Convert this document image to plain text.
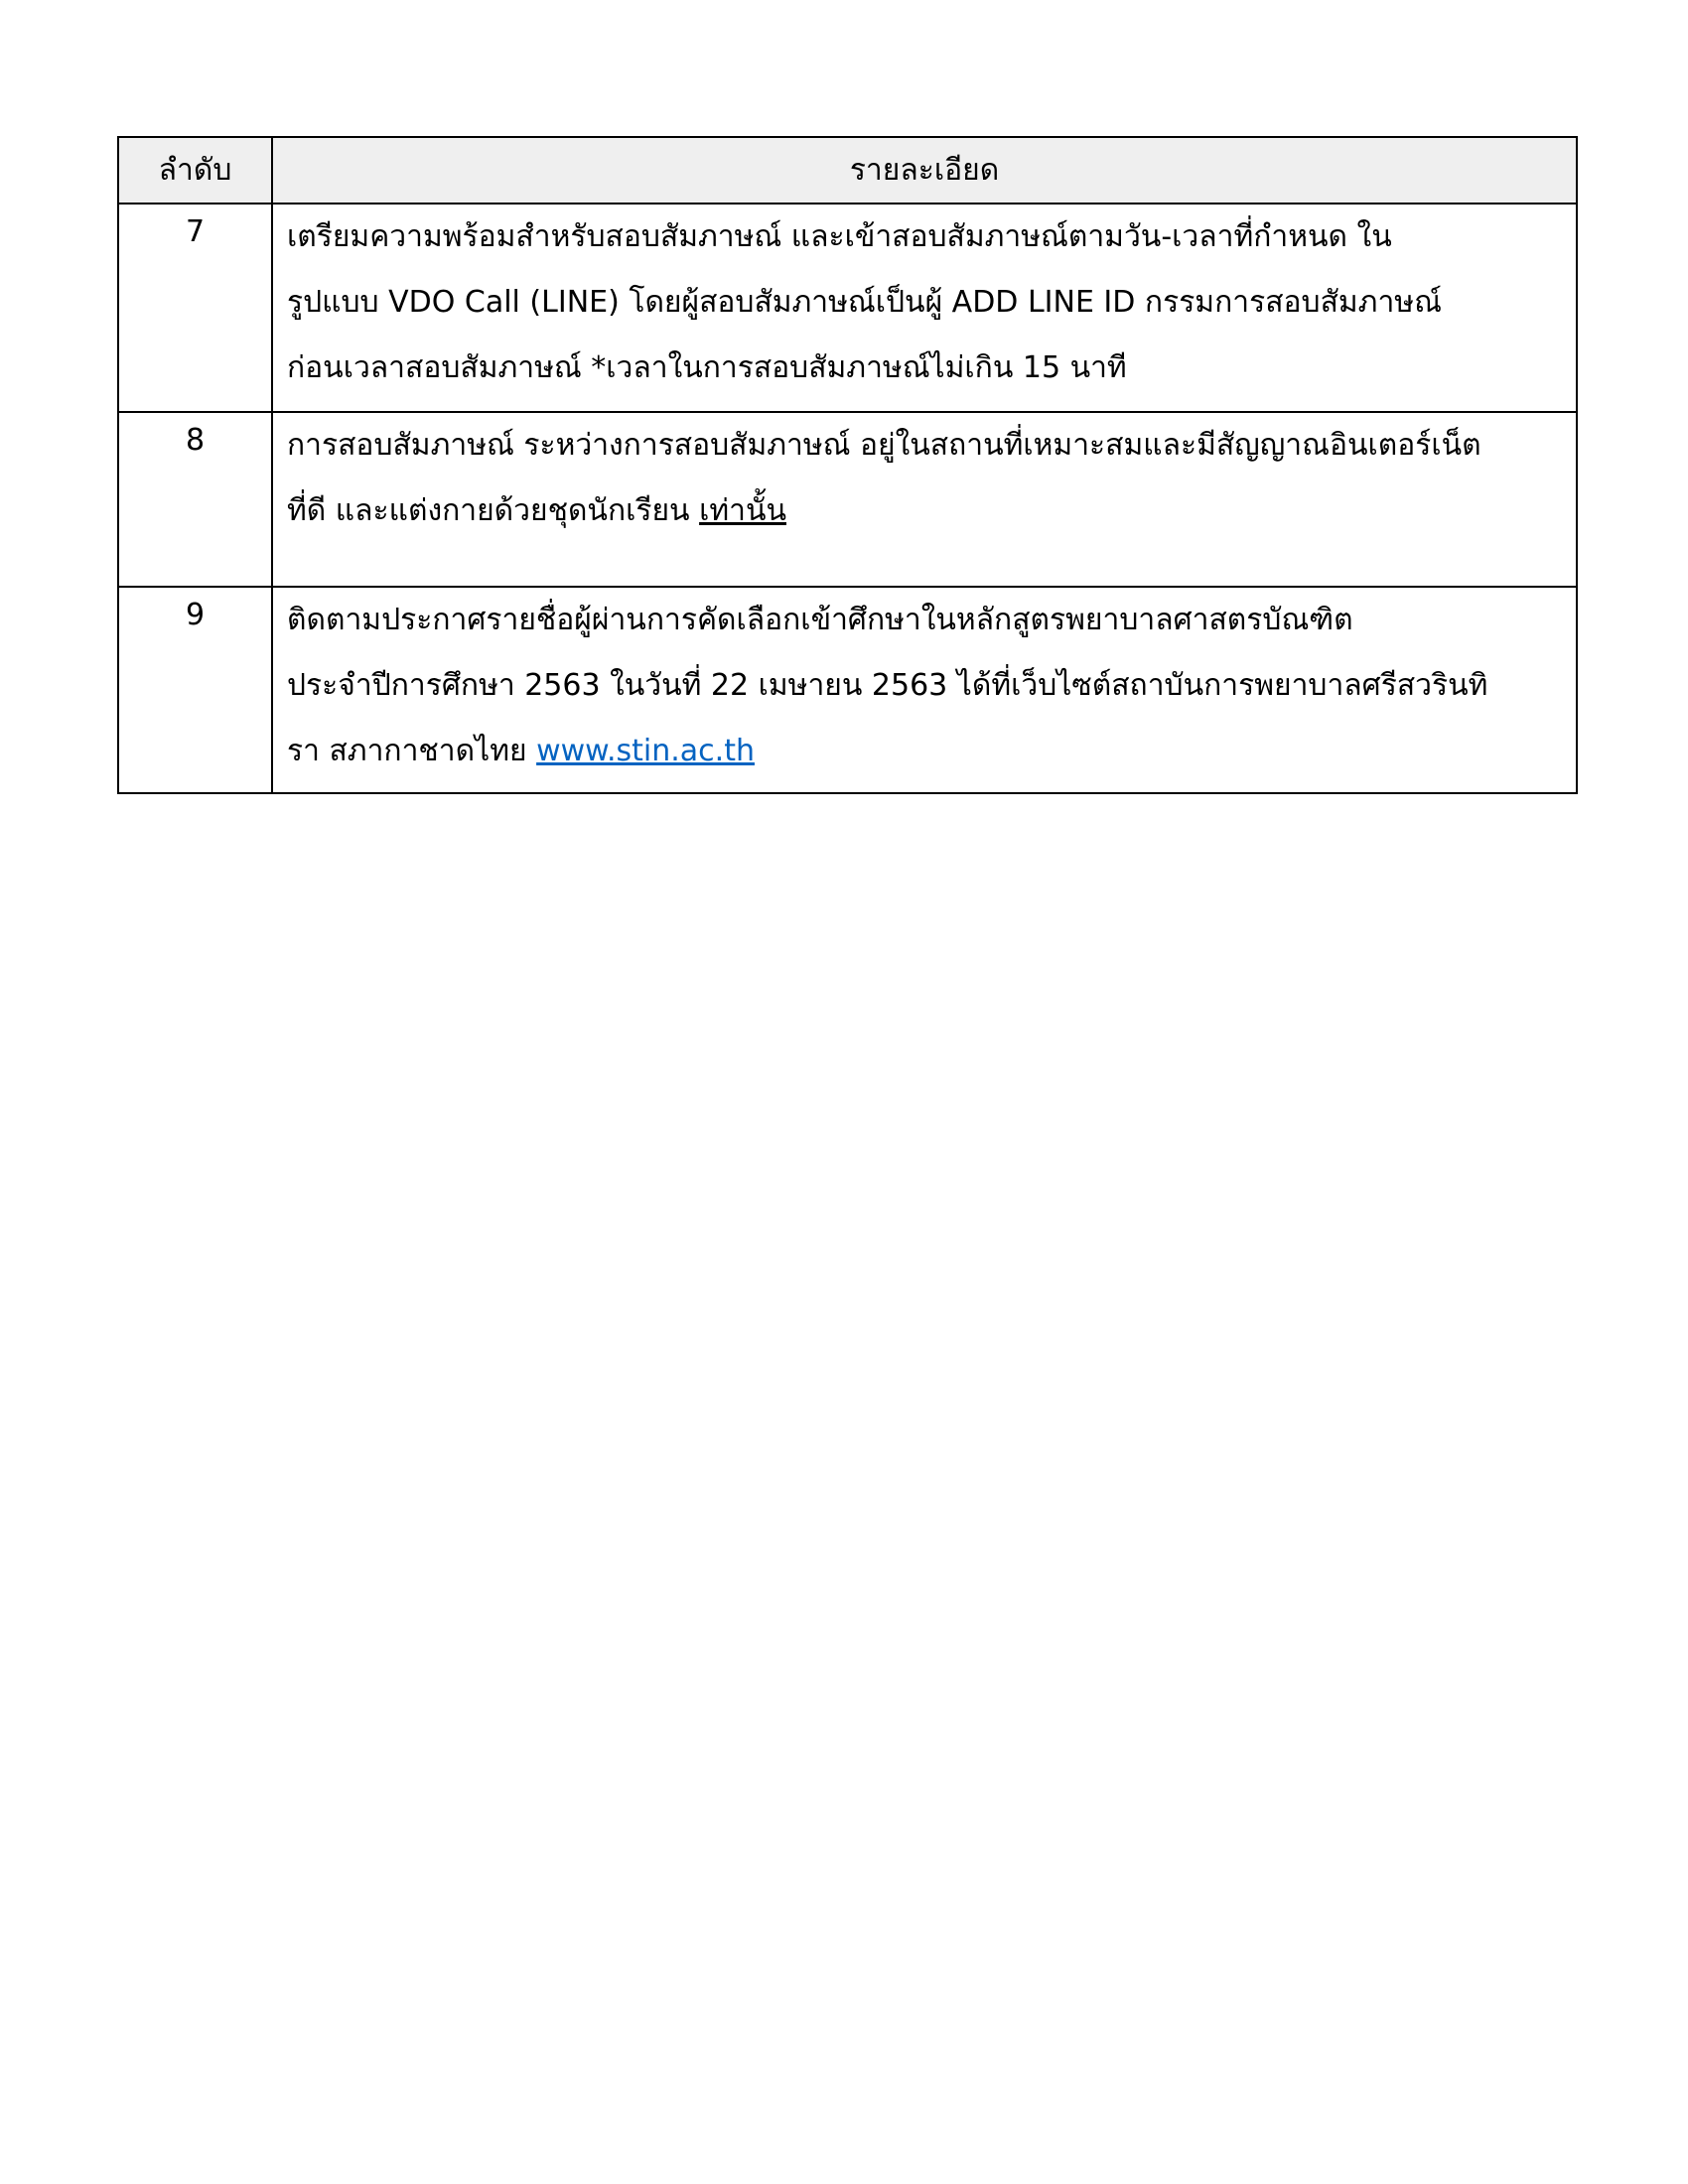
ลำดับ	รายละเอียด
7	เตรียมความพร้อมสำหรับสอบสัมภาษณ์ และเข้าสอบสัมภาษณ์ตามวัน-เวลาที่กำหนด ใน
รูปแบบ VDO Call (LINE) โดยผู้สอบสัมภาษณ์เป็นผู้ ADD LINE ID กรรมการสอบสัมภาษณ์
ก่อนเวลาสอบสัมภาษณ์ *เวลาในการสอบสัมภาษณ์ไม่เกิน 15 นาที

8	การสอบสัมภาษณ์ ระหว่างการสอบสัมภาษณ์ อยู่ในสถานที่เหมาะสมและมีสัญญาณอินเตอร์เน็ต
ที่ดี และแต่งกายด้วยชุดนักเรียน เท่านั้น

9	ติดตามประกาศรายชื่อผู้ผ่านการคัดเลือกเข้าศึกษาในหลักสูตรพยาบาลศาสตรบัณฑิต
ประจำปีการศึกษา 2563 ในวันที่ 22 เมษายน 2563 ได้ที่เว็บไซต์สถาบันการพยาบาลศรีสวรินทิ
รา สภากาชาดไทย www.stin.ac.th
